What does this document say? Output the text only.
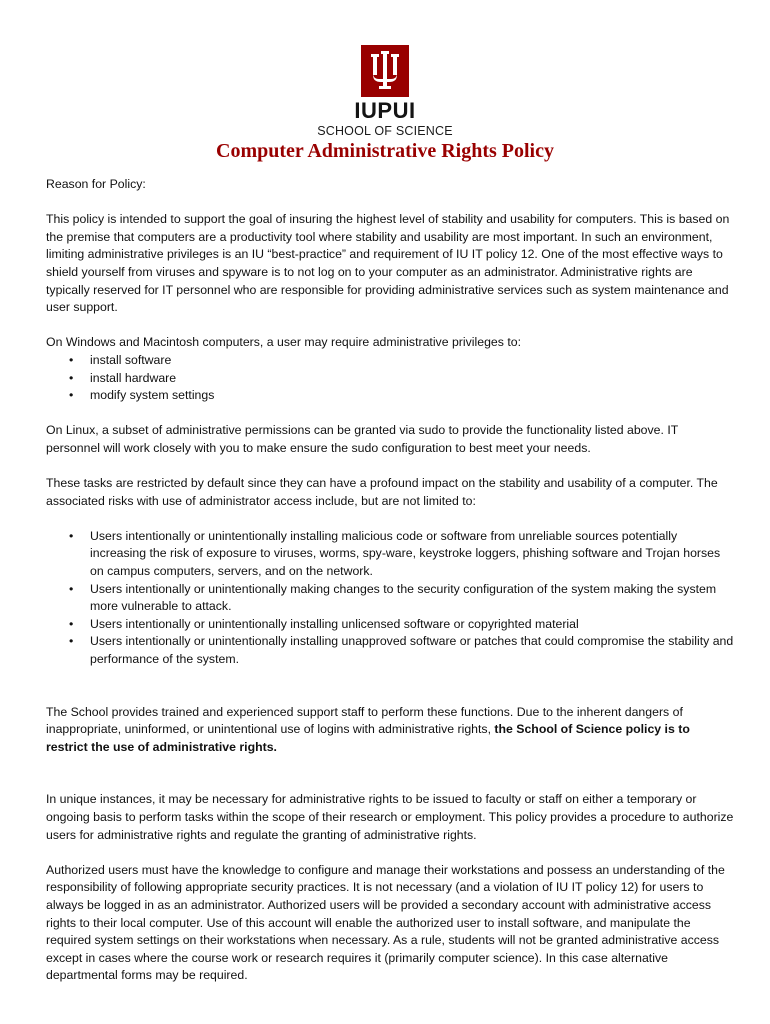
IUPUI
SCHOOL OF SCIENCE
Computer Administrative Rights Policy

Reason for Policy:

This policy is intended to support the goal of insuring the highest level of stability and usability for computers. This is based on the premise that computers are a productivity tool where stability and usability are most important. In such an environment, limiting administrative privileges is an IU “best-practice” and requirement of IU IT policy 12. One of the most effective ways to shield yourself from viruses and spyware is to not log on to your computer as an administrator. Administrative rights are typically reserved for IT personnel who are responsible for providing administrative services such as system maintenance and user support.

On Windows and Macintosh computers, a user may require administrative privileges to:

• install software
• install hardware
• modify system settings

On Linux, a subset of administrative permissions can be granted via sudo to provide the functionality listed above. IT personnel will work closely with you to make ensure the sudo configuration to best meet your needs.

These tasks are restricted by default since they can have a profound impact on the stability and usability of a computer. The associated risks with use of administrator access include, but are not limited to:

• Users intentionally or unintentionally installing malicious code or software from unreliable sources potentially increasing the risk of exposure to viruses, worms, spy-ware, keystroke loggers, phishing software and Trojan horses on campus computers, servers, and on the network.
• Users intentionally or unintentionally making changes to the security configuration of the system making the system more vulnerable to attack.
• Users intentionally or unintentionally installing unlicensed software or copyrighted material
• Users intentionally or unintentionally installing unapproved software or patches that could compromise the stability and performance of the system.

The School provides trained and experienced support staff to perform these functions. Due to the inherent dangers of inappropriate, uninformed, or unintentional use of logins with administrative rights, the School of Science policy is to restrict the use of administrative rights.

In unique instances, it may be necessary for administrative rights to be issued to faculty or staff on either a temporary or ongoing basis to perform tasks within the scope of their research or employment. This policy provides a procedure to authorize users for administrative rights and regulate the granting of administrative rights.

Authorized users must have the knowledge to configure and manage their workstations and possess an understanding of the responsibility of following appropriate security practices. It is not necessary (and a violation of IU IT policy 12) for users to always be logged in as an administrator. Authorized users will be provided a secondary account with administrative access rights to their local computer. Use of this account will enable the authorized user to install software, and manipulate the required system settings on their workstations when necessary. As a rule, students will not be granted administrative access except in cases where the course work or research requires it (primarily computer science). In this case alternative departmental forms may be required.
